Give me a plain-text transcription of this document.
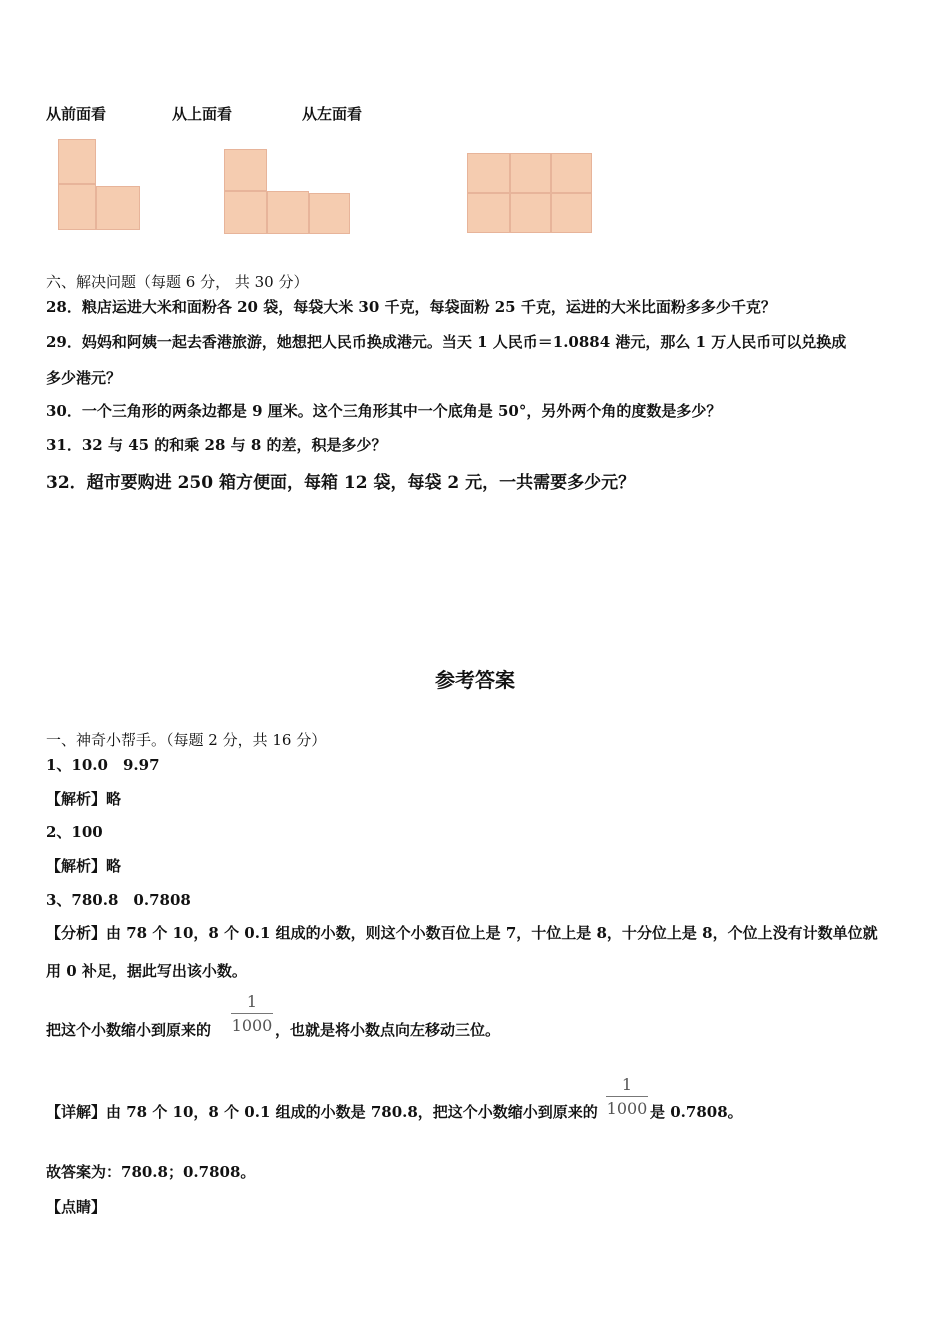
从前面看	从上面看	从左面看
六、解决问题（每题 6 分， 共 30 分）
28．粮店运进大米和面粉各 20 袋，每袋大米 30 千克，每袋面粉 25 千克，运进的大米比面粉多多少千克？
29．妈妈和阿姨一起去香港旅游，她想把人民币换成港元。当天 1 人民币＝1.0884 港元，那么 1 万人民币可以兑换成
多少港元？
30．一个三角形的两条边都是 9 厘米。这个三角形其中一个底角是 50°，另外两个角的度数是多少？
31．32 与 45 的和乘 28 与 8 的差，积是多少？
32．超市要购进 250 箱方便面，每箱 12 袋，每袋 2 元，一共需要多少元？
参考答案
一、神奇小帮手。（每题 2 分，共 16 分）
1、10.0　9.97
【解析】略
2、100
【解析】略
3、780.8　0.7808
【分析】由 78 个 10，8 个 0.1 组成的小数，则这个小数百位上是 7，十位上是 8，十分位上是 8，个位上没有计数单位就
用 0 补足，据此写出该小数。
把这个小数缩小到原来的 $\frac{1}{1000}$ ，也就是将小数点向左移动三位。
【详解】由 78 个 10，8 个 0.1 组成的小数是 780.8，把这个小数缩小到原来的 $\frac{1}{1000}$ 是 0.7808。
故答案为：780.8；0.7808。
【点睛】
